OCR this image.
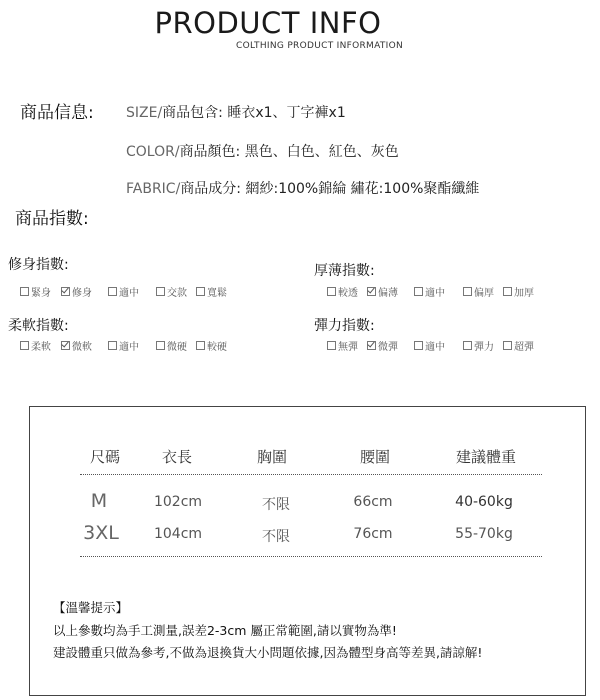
PRODUCT INFO
COLTHING PRODUCT INFORMATION
商品信息: SIZE/商品包含: 睡衣x1、丁字褲x1
COLOR/商品顏色: 黑色、白色、紅色、灰色
FABRIC/商品成分: 網紗:100%錦綸 繡花:100%聚酯纖維
商品指數:
修身指數:
緊身 修身	適中	交款 寬鬆
厚薄指數:
較透 偏薄	適中	偏厚 加厚
柔軟指數:
柔軟 微軟	適中	微硬 較硬
彈力指數:
無彈 微彈	適中	彈力 超彈
尺碼	衣長	胸圍	腰圍	建議體重
M	102cm	不限	66cm	40-60kg
3XL	104cm	不限	76cm	55-70kg
【溫馨提示】
以上參數均為手工測量,誤差2-3cm 屬正常範圍,請以實物為準!
建設體重只做為參考,不做為退換貨大小問題依據,因為體型身高等差異,請諒解!
